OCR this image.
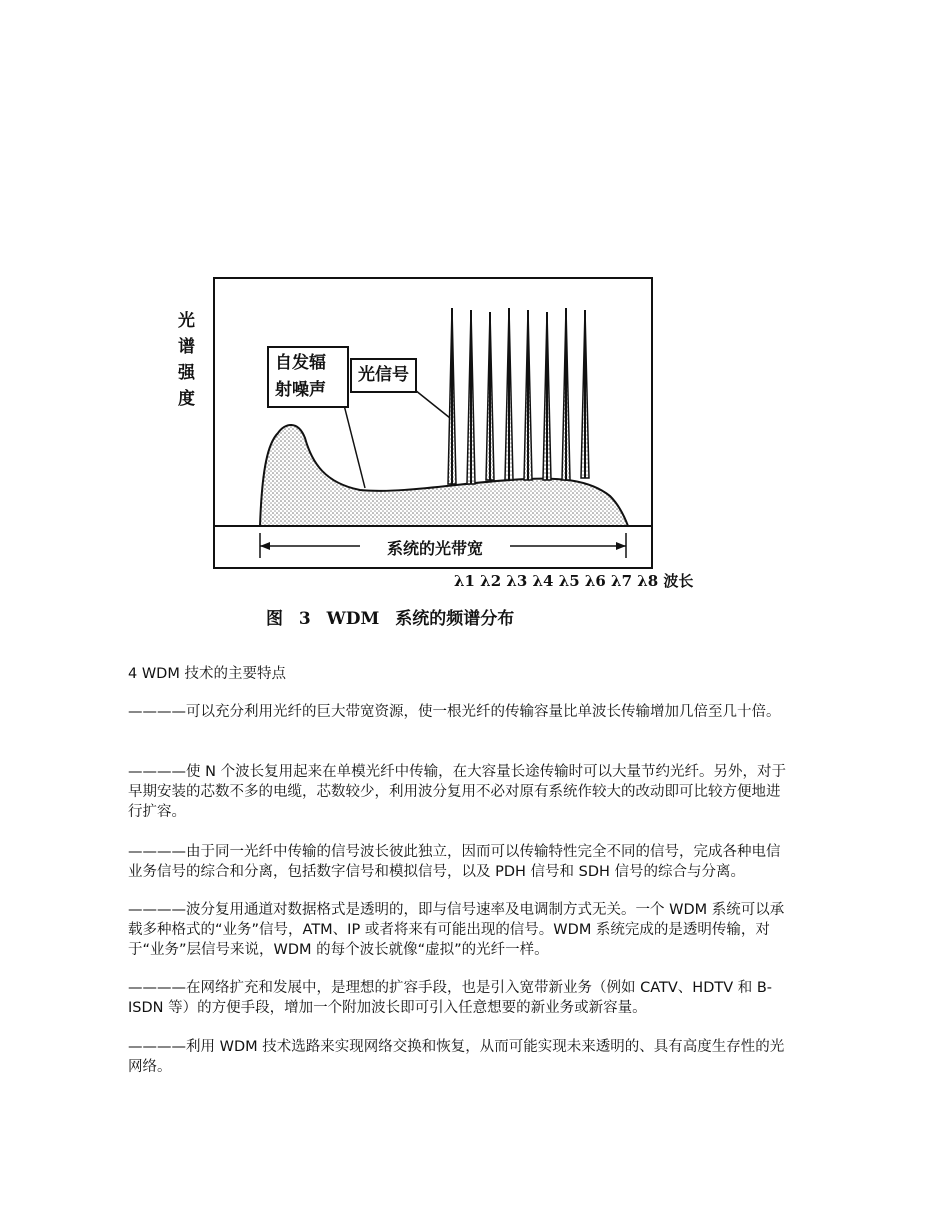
光谱强度
自发辐
射噪声
光信号
系统的光带宽
λ1 λ2 λ3 λ4 λ5 λ6 λ7 λ8 波长
图 3 WDM 系统的频谱分布
4 WDM 技术的主要特点
————可以充分利用光纤的巨大带宽资源，使一根光纤的传输容量比单波长传输增加几倍至几十倍。
————使 N 个波长复用起来在单模光纤中传输，在大容量长途传输时可以大量节约光纤。另外，对于早期安装的芯数不多的电缆，芯数较少，利用波分复用不必对原有系统作较大的改动即可比较方便地进行扩容。
————由于同一光纤中传输的信号波长彼此独立，因而可以传输特性完全不同的信号，完成各种电信业务信号的综合和分离，包括数字信号和模拟信号，以及 PDH 信号和 SDH 信号的综合与分离。
————波分复用通道对数据格式是透明的，即与信号速率及电调制方式无关。一个 WDM 系统可以承载多种格式的“业务”信号，ATM、IP 或者将来有可能出现的信号。WDM 系统完成的是透明传输，对于“业务”层信号来说，WDM 的每个波长就像“虚拟”的光纤一样。
————在网络扩充和发展中，是理想的扩容手段，也是引入宽带新业务（例如 CATV、HDTV 和 B-ISDN 等）的方便手段，增加一个附加波长即可引入任意想要的新业务或新容量。
————利用 WDM 技术选路来实现网络交换和恢复，从而可能实现未来透明的、具有高度生存性的光网络。
